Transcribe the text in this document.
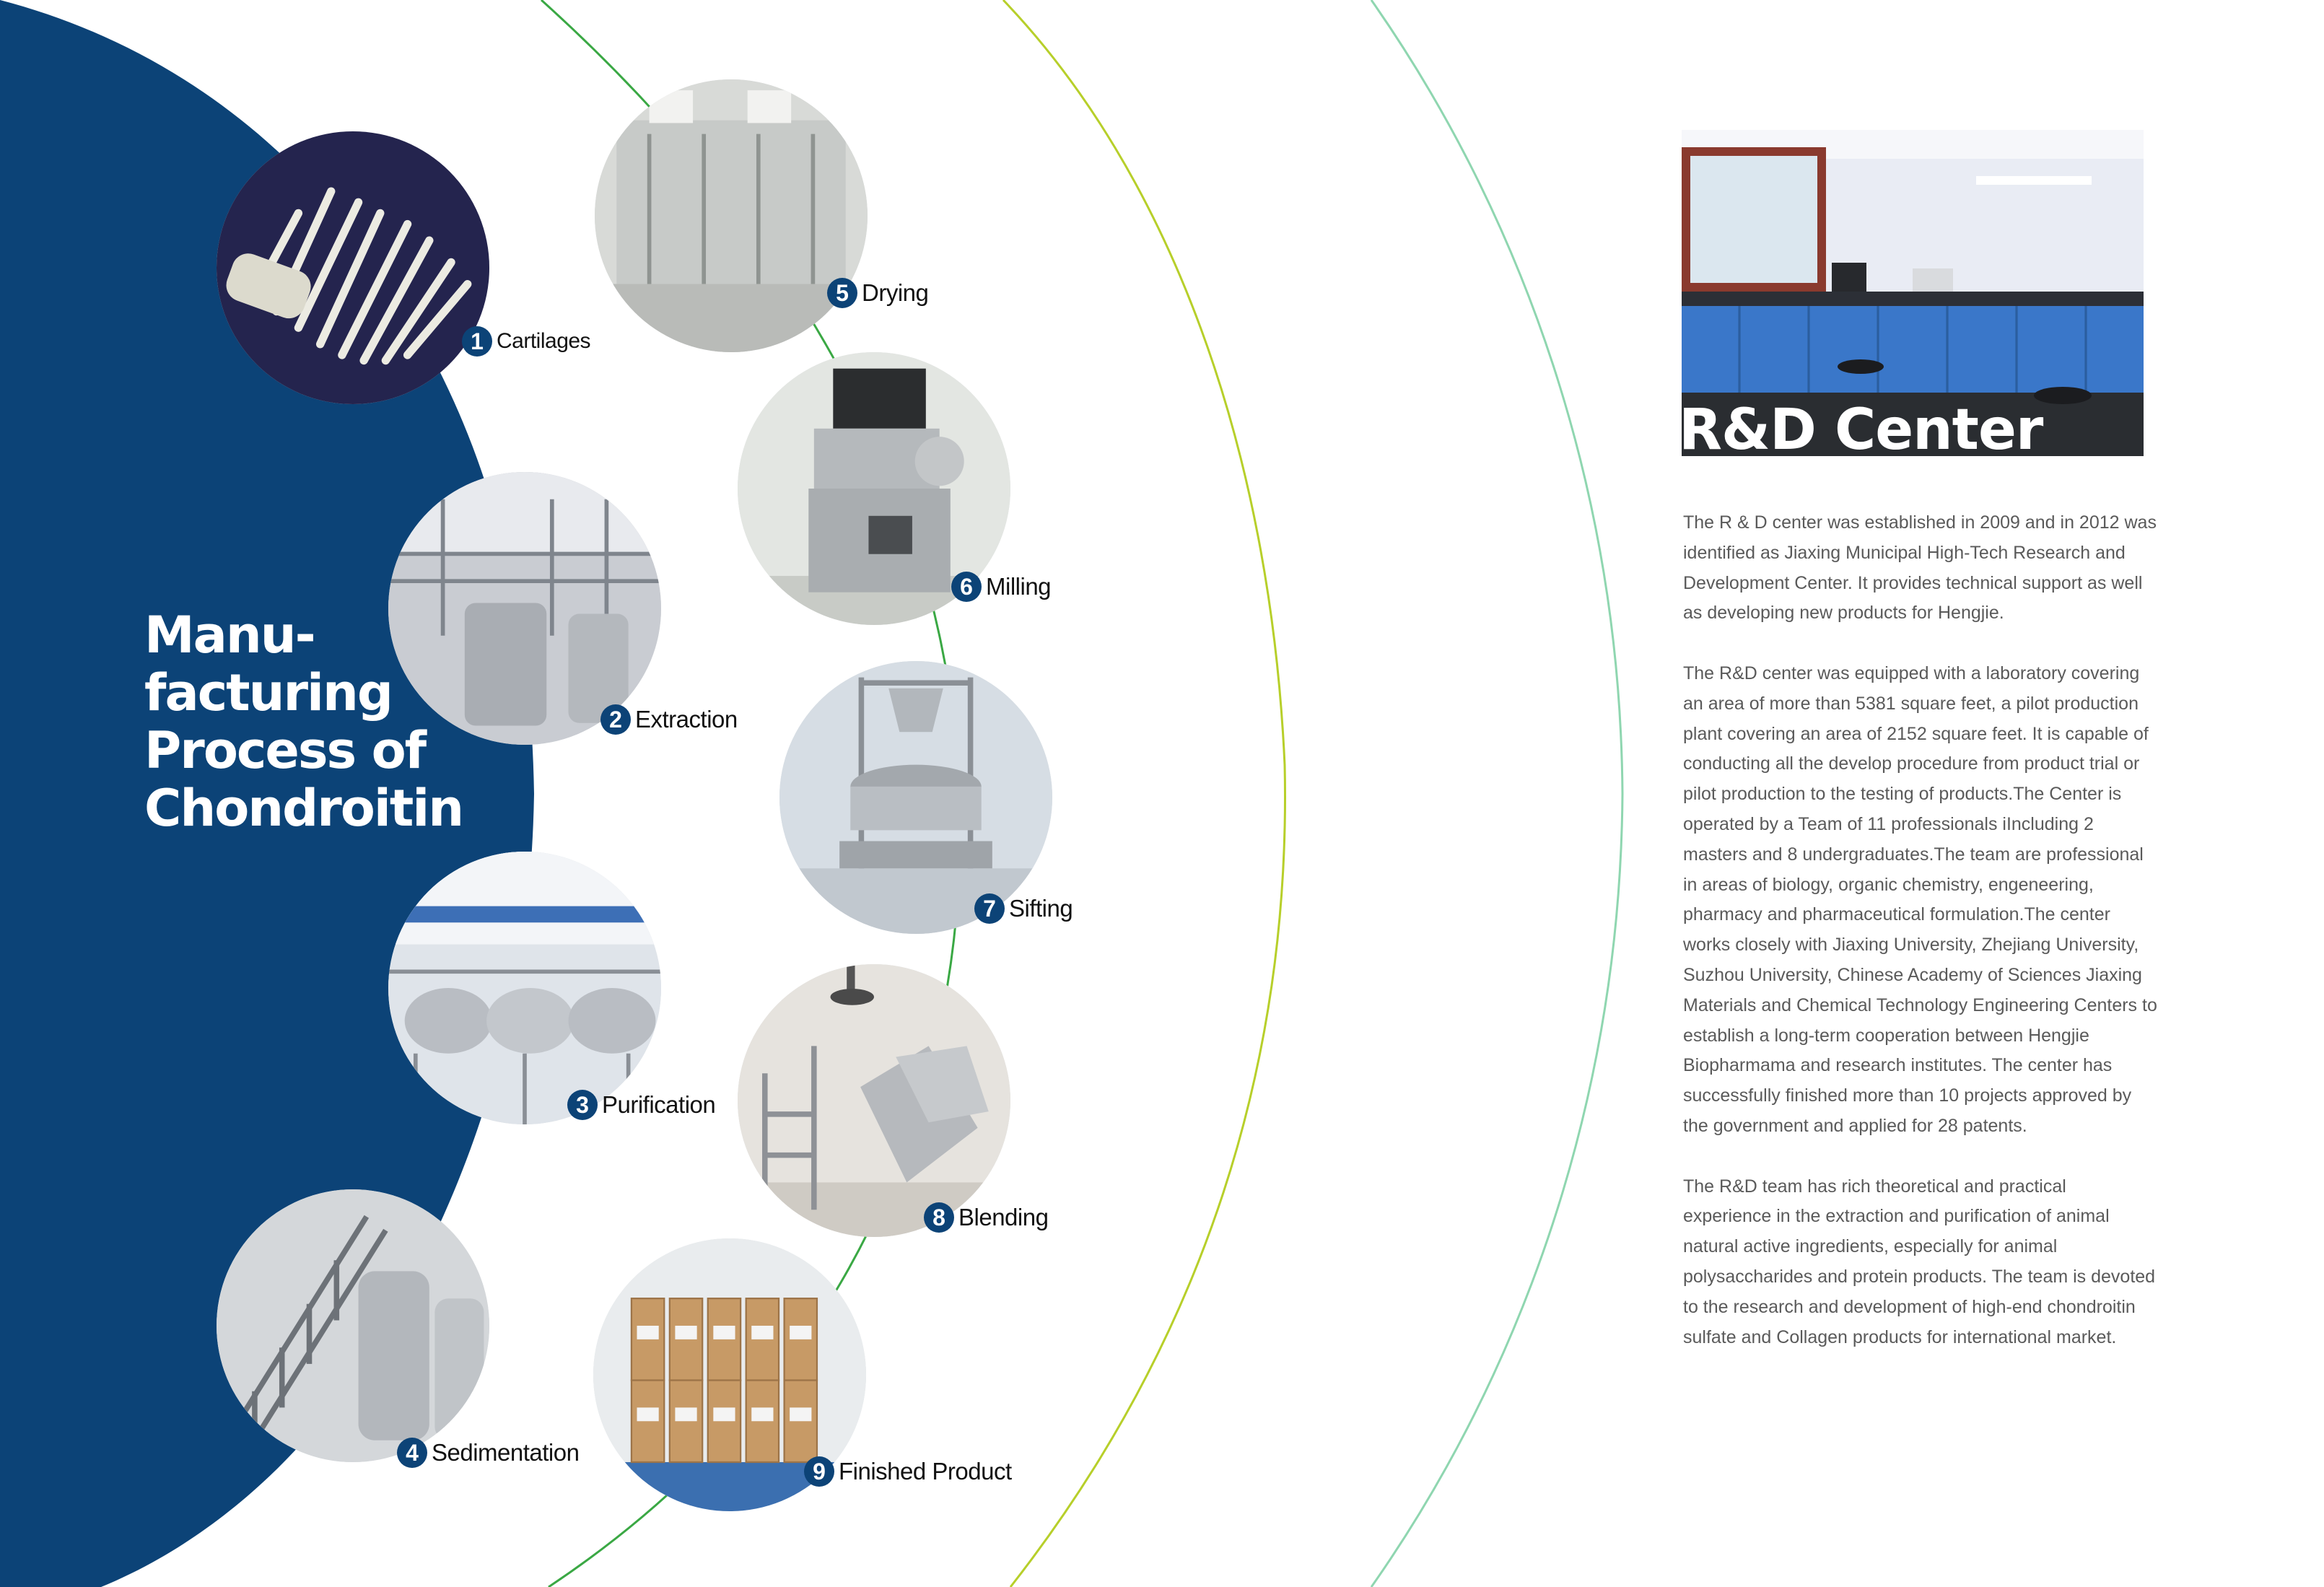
Manu-
facturing
Process of
Chondroitin
1 Cartilages
2 Extraction
3 Purification
4 Sedimentation
5 Drying
6 Milling
7 Sifting
8 Blending
9 Finished Product
R&D Center

The R & D center was established in 2009 and in 2012 was identified as Jiaxing Municipal High-Tech Research and Development Center. It provides technical support as well as developing new products for Hengjie.

The R&D center was equipped with a laboratory covering an area of more than 5381 square feet, a pilot production plant covering an area of 2152 square feet. It is capable of conducting all the develop procedure from product trial or pilot production to the testing of products.The Center is operated by a Team of 11 professionals iIncluding 2 masters and 8 undergraduates.The team are professional in areas of biology, organic chemistry, engeneering, pharmacy and pharmaceutical formulation.The center works closely with Jiaxing University, Zhejiang University, Suzhou University, Chinese Academy of Sciences Jiaxing Materials and Chemical Technology Engineering Centers to establish a long-term cooperation between Hengjie Biopharmama and research institutes. The center has successfully finished more than 10 projects approved by the government and applied for 28 patents.

The R&D team has rich theoretical and practical experience in the extraction and purification of animal natural active ingredients, especially for animal polysaccharides and protein products. The team is devoted to the research and development of high-end chondroitin sulfate and Collagen products for international market.
